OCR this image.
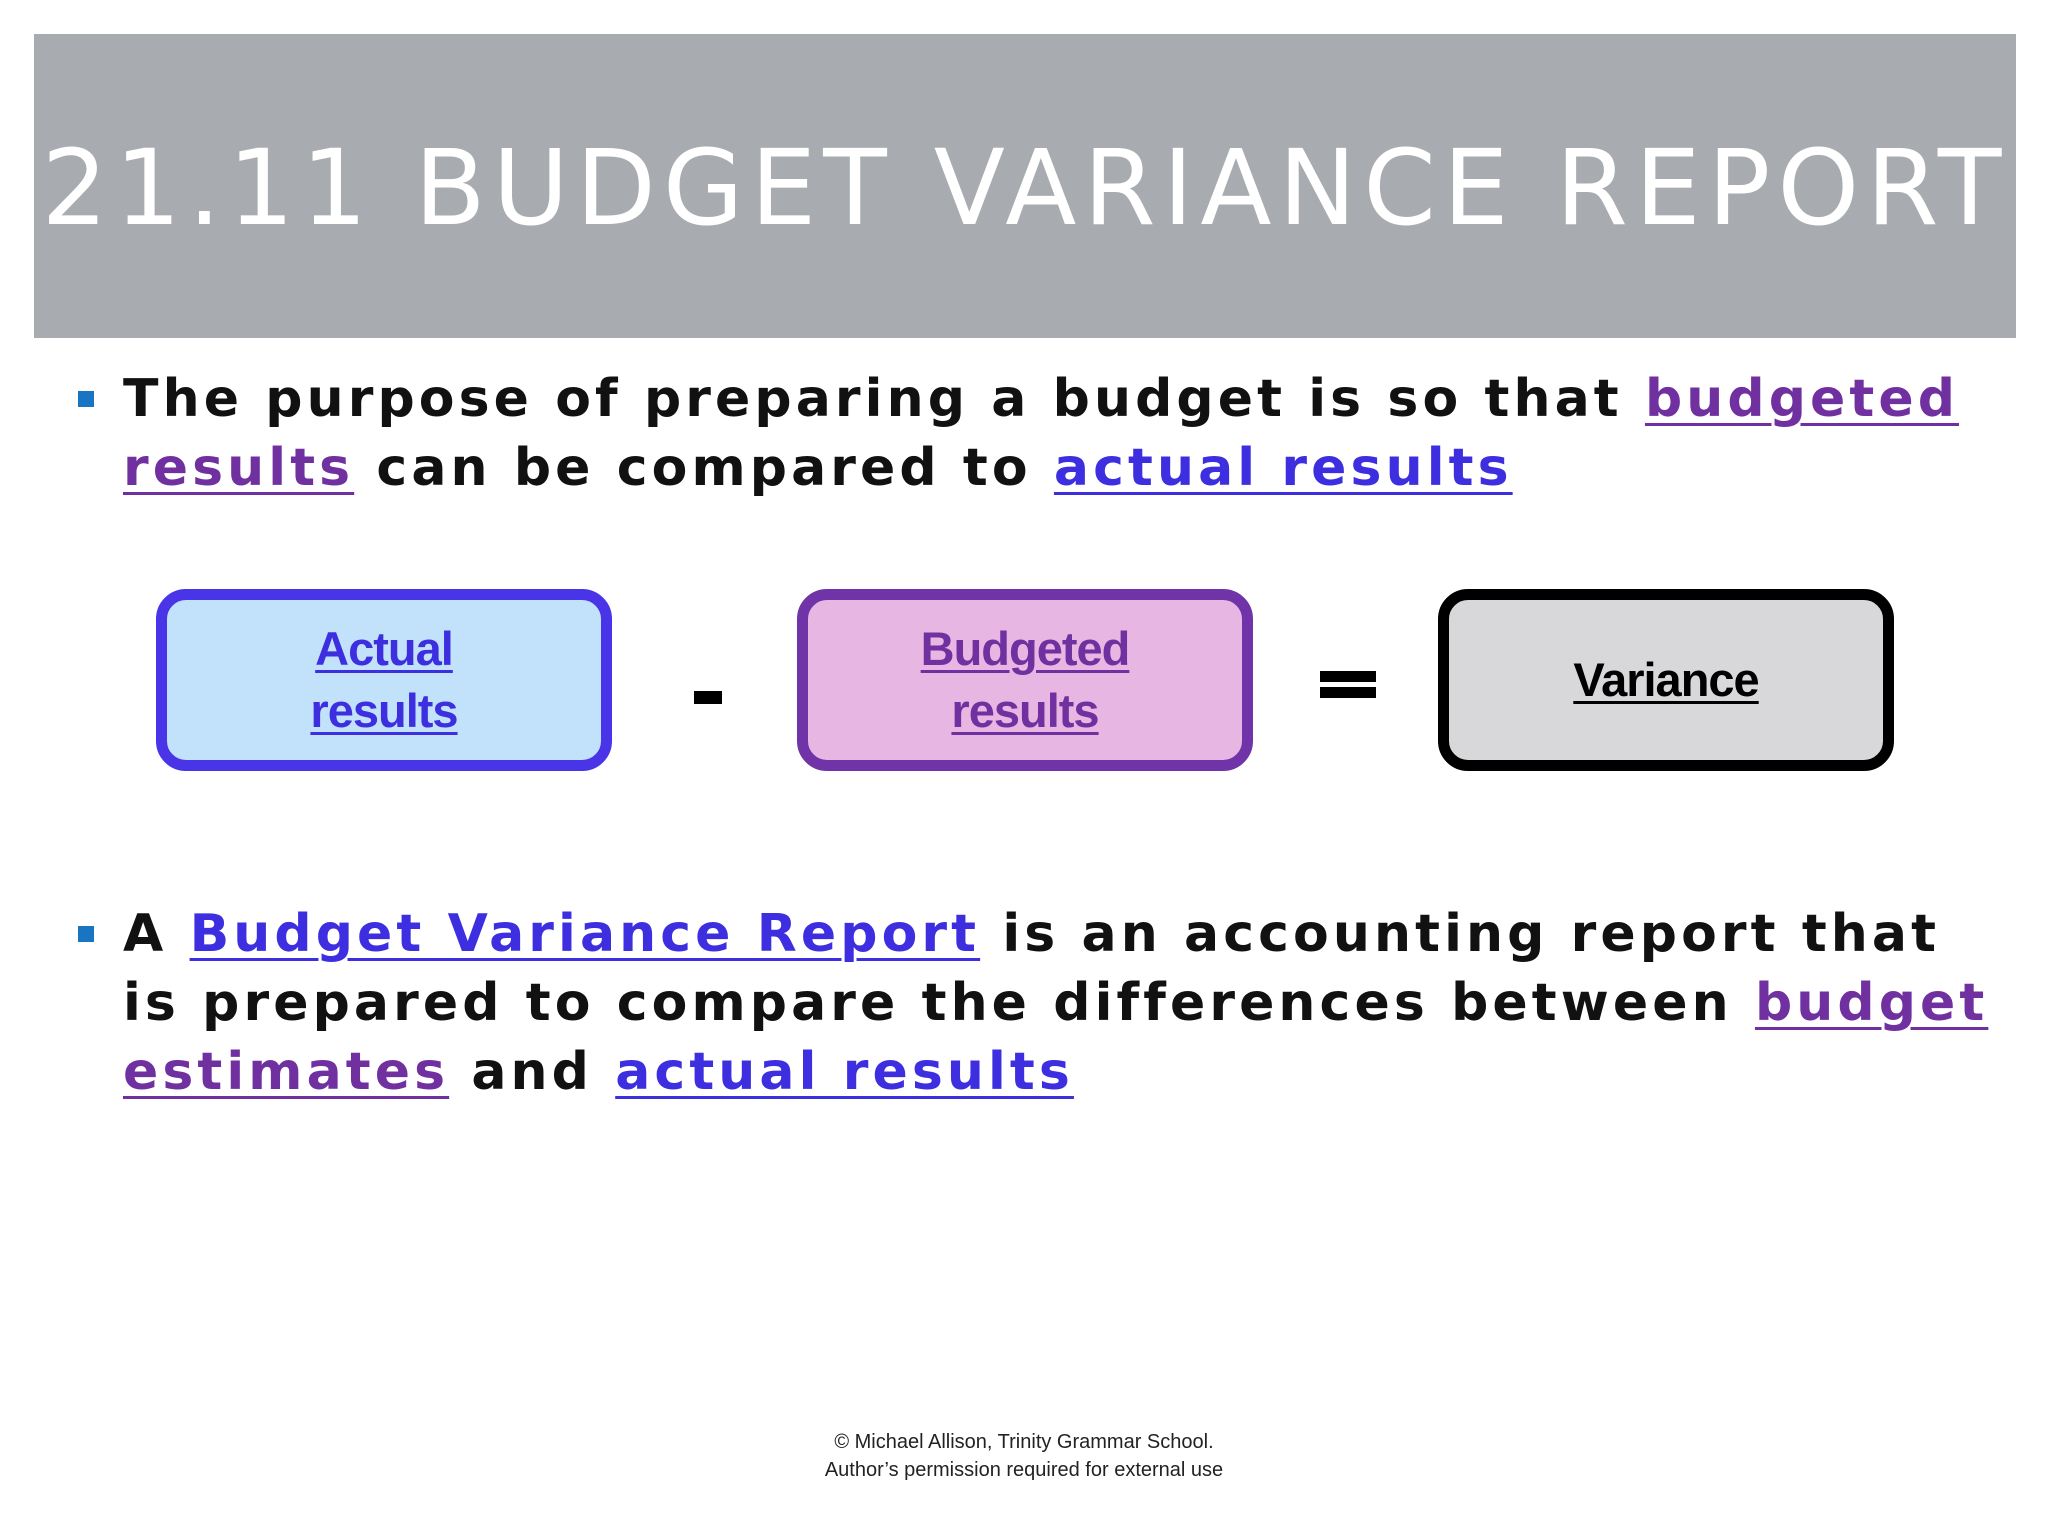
21.11 BUDGET VARIANCE REPORT
The purpose of preparing a budget is so that budgeted results can be compared to actual results
Actual
results
Budgeted
results
Variance
A Budget Variance Report is an accounting report that is prepared to compare the differences between budget estimates and actual results
© Michael Allison, Trinity Grammar School.
Author’s permission required for external use
